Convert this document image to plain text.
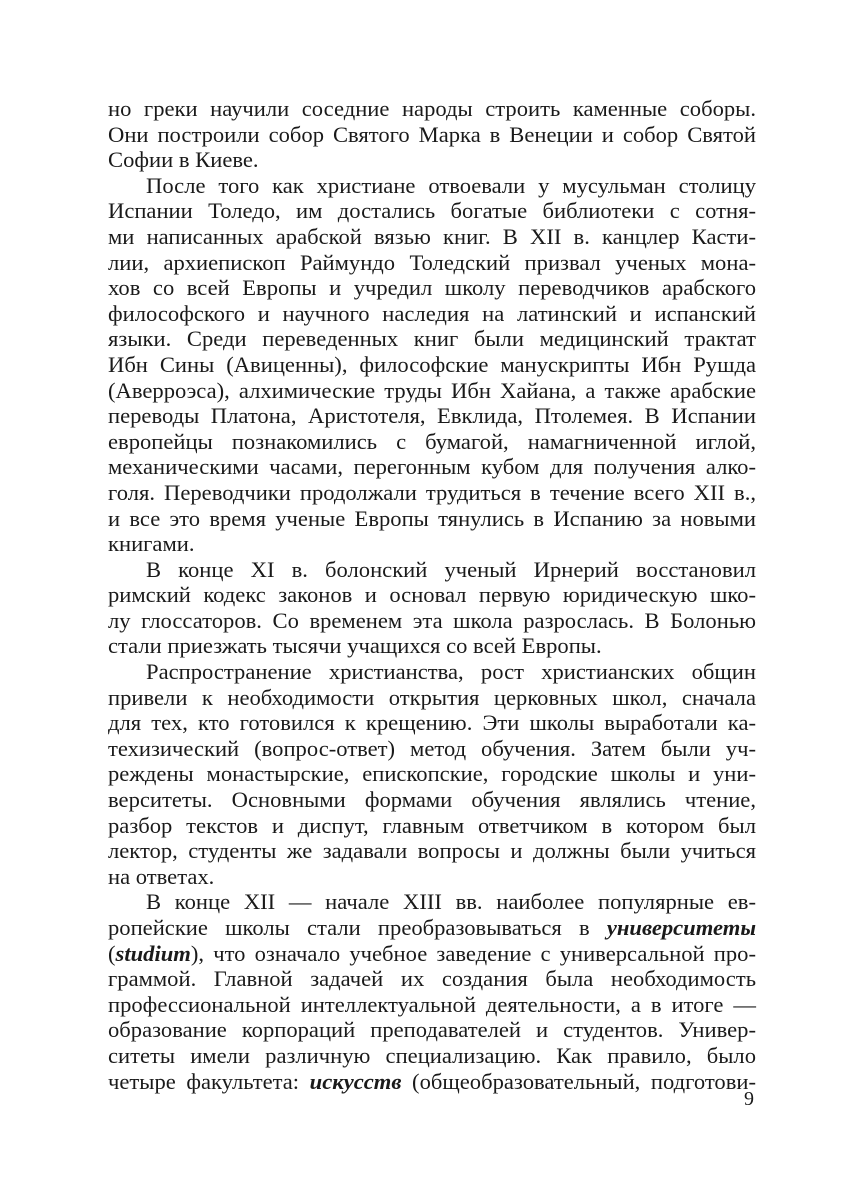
но греки научили соседние народы строить каменные соборы.
Они построили собор Святого Марка в Венеции и собор Святой
Софии в Киеве.

После того как христиане отвоевали у мусульман столицу
Испании Толедо, им достались богатые библиотеки с сотня-
ми написанных арабской вязью книг. В XII в. канцлер Касти-
лии, архиепископ Раймундо Толедский призвал ученых мона-
хов со всей Европы и учредил школу переводчиков арабского
философского и научного наследия на латинский и испанский
языки. Среди переведенных книг были медицинский трактат
Ибн Сины (Авиценны), философские манускрипты Ибн Рушда
(Аверроэса), алхимические труды Ибн Хайана, а также арабские
переводы Платона, Аристотеля, Евклида, Птолемея. В Испании
европейцы познакомились с бумагой, намагниченной иглой,
механическими часами, перегонным кубом для получения алко-
голя. Переводчики продолжали трудиться в течение всего XII в.,
и все это время ученые Европы тянулись в Испанию за новыми
книгами.

В конце XI в. болонский ученый Ирнерий восстановил
римский кодекс законов и основал первую юридическую шко-
лу глоссаторов. Со временем эта школа разрослась. В Болонью
стали приезжать тысячи учащихся со всей Европы.

Распространение христианства, рост христианских общин
привели к необходимости открытия церковных школ, сначала
для тех, кто готовился к крещению. Эти школы выработали ка-
техизический (вопрос-ответ) метод обучения. Затем были уч-
реждены монастырские, епископские, городские школы и уни-
верситеты. Основными формами обучения являлись чтение,
разбор текстов и диспут, главным ответчиком в котором был
лектор, студенты же задавали вопросы и должны были учиться
на ответах.

В конце XII — начале XIII вв. наиболее популярные ев-
ропейские школы стали преобразовываться в университеты
(studium), что означало учебное заведение с универсальной про-
граммой. Главной задачей их создания была необходимость
профессиональной интеллектуальной деятельности, а в итоге —
образование корпораций преподавателей и студентов. Универ-
ситеты имели различную специализацию. Как правило, было
четыре факультета: искусств (общеобразовательный, подготови-

9
